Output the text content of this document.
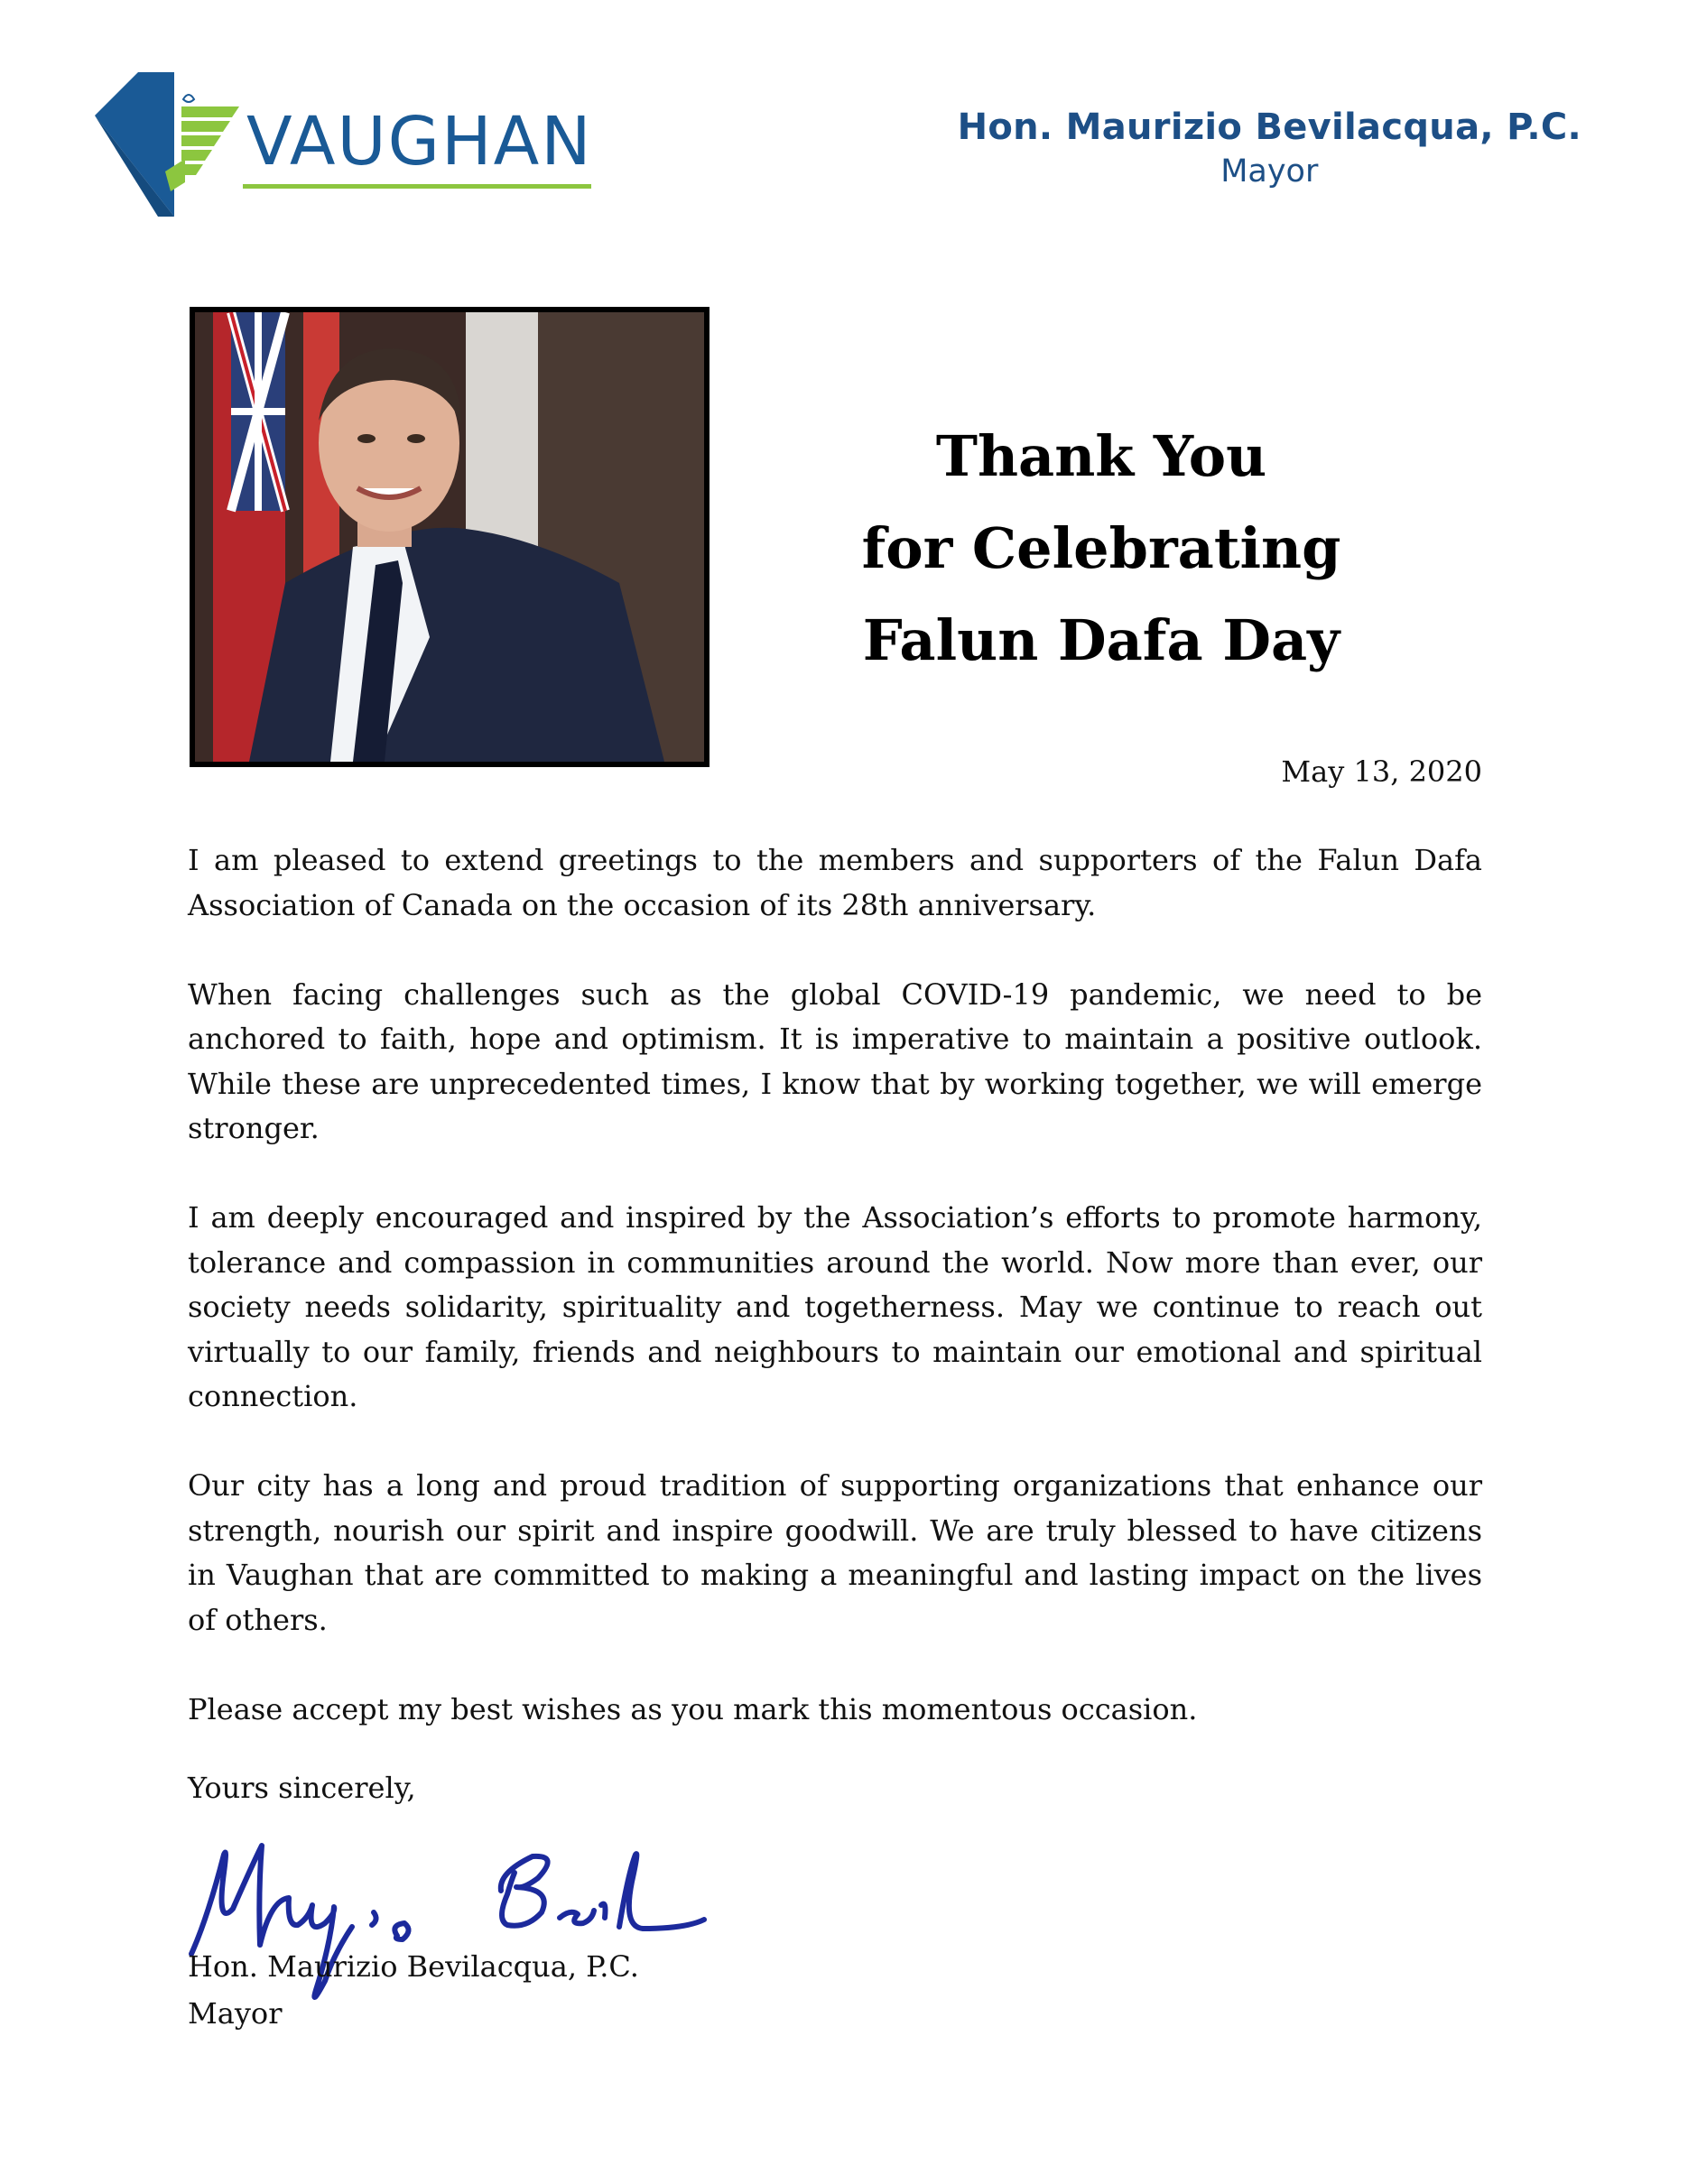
VAUGHAN	Hon. Maurizio Bevilacqua, P.C.
Mayor
Thank You
for Celebrating
Falun Dafa Day
May 13, 2020

I am pleased to extend greetings to the members and supporters of the Falun Dafa Association of Canada on the occasion of its 28th anniversary.

When facing challenges such as the global COVID-19 pandemic, we need to be anchored to faith, hope and optimism. It is imperative to maintain a positive outlook. While these are unprecedented times, I know that by working together, we will emerge stronger.

I am deeply encouraged and inspired by the Association’s efforts to promote harmony, tolerance and compassion in communities around the world. Now more than ever, our society needs solidarity, spirituality and togetherness. May we continue to reach out virtually to our family, friends and neighbours to maintain our emotional and spiritual connection.

Our city has a long and proud tradition of supporting organizations that enhance our strength, nourish our spirit and inspire goodwill. We are truly blessed to have citizens in Vaughan that are committed to making a meaningful and lasting impact on the lives of others.

Please accept my best wishes as you mark this momentous occasion.

Yours sincerely,
Hon. Maurizio Bevilacqua, P.C.
Mayor
